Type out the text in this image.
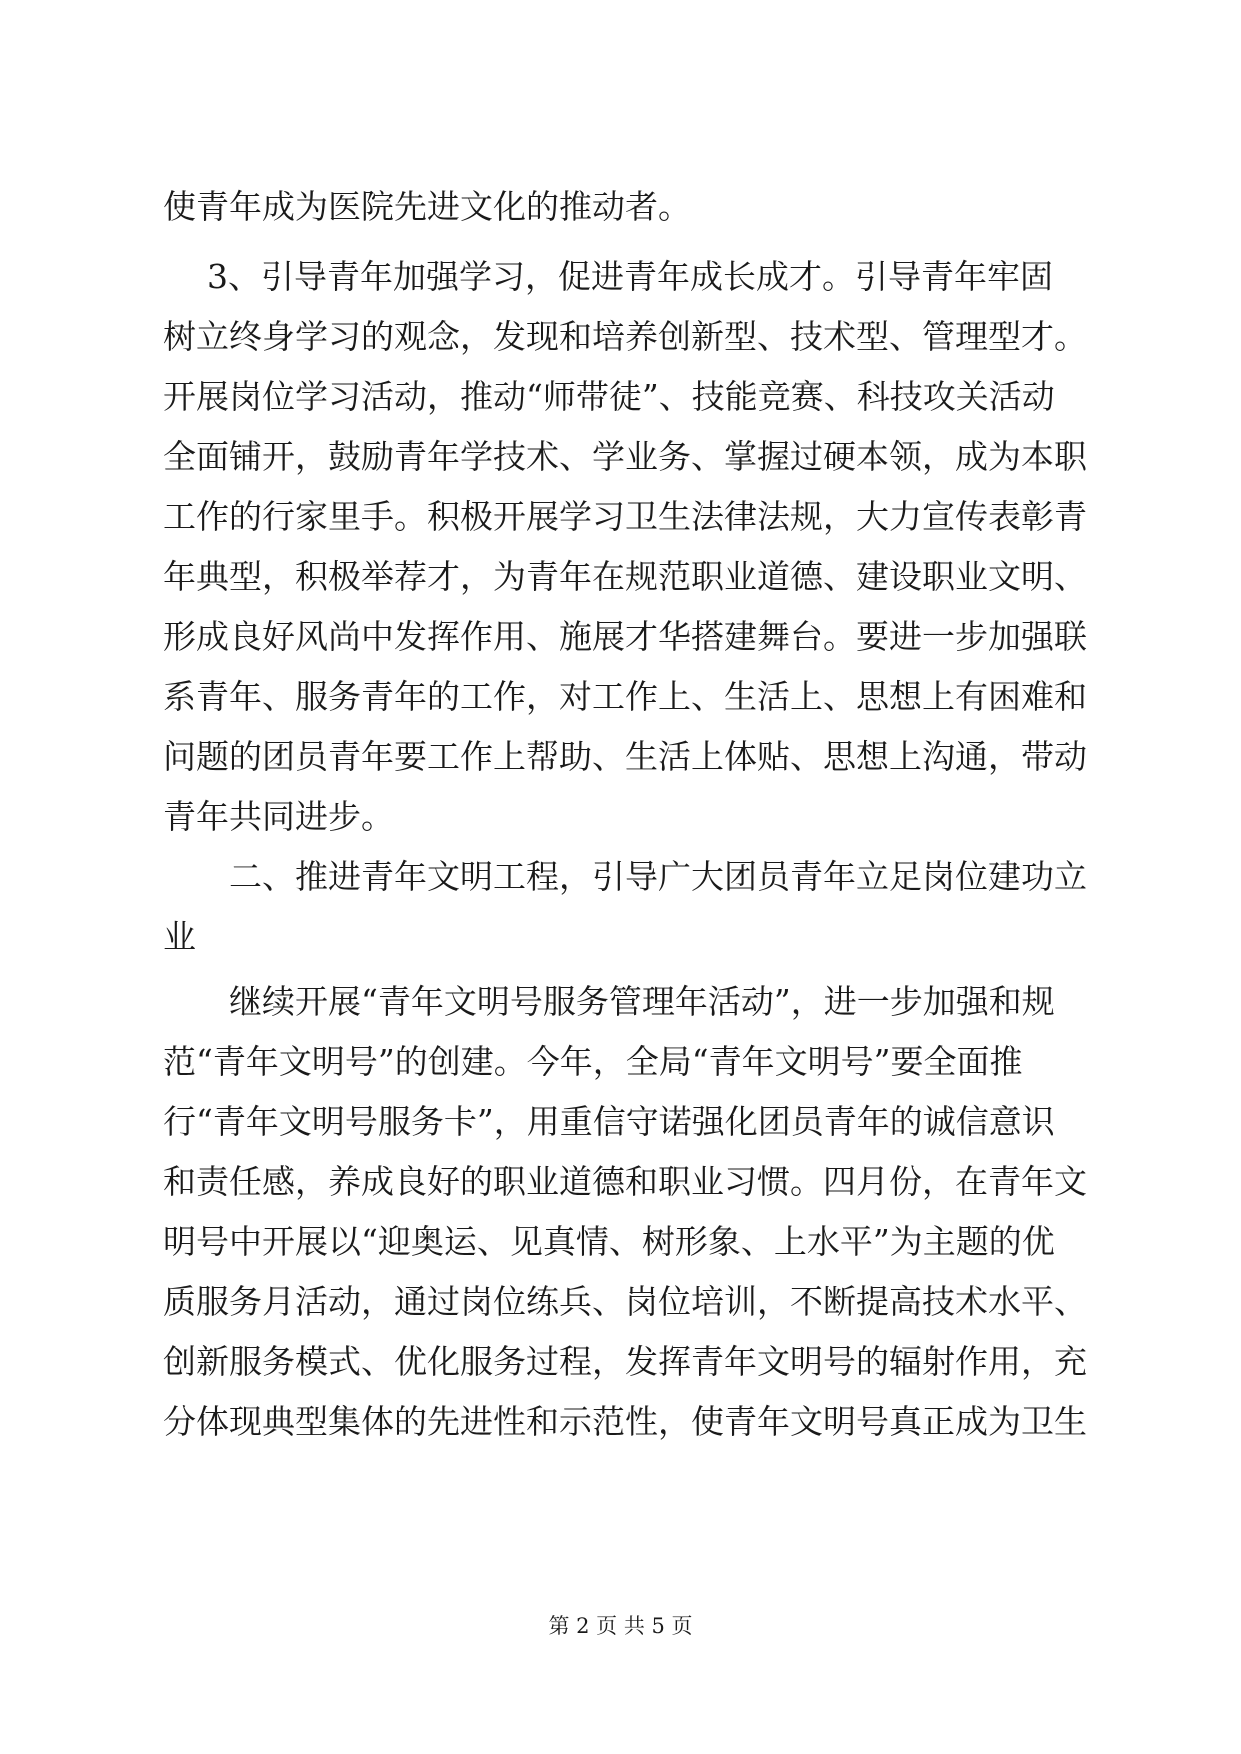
使青年成为医院先进文化的推动者。
3、引导青年加强学习，促进青年成长成才。引导青年牢固
树立终身学习的观念，发现和培养创新型、技术型、管理型才。
开展岗位学习活动，推动“师带徒”、技能竞赛、科技攻关活动
全面铺开，鼓励青年学技术、学业务、掌握过硬本领，成为本职
工作的行家里手。积极开展学习卫生法律法规，大力宣传表彰青
年典型，积极举荐才，为青年在规范职业道德、建设职业文明、
形成良好风尚中发挥作用、施展才华搭建舞台。要进一步加强联
系青年、服务青年的工作，对工作上、生活上、思想上有困难和
问题的团员青年要工作上帮助、生活上体贴、思想上沟通，带动
青年共同进步。
二、推进青年文明工程，引导广大团员青年立足岗位建功立
业
继续开展“青年文明号服务管理年活动”，进一步加强和规
范“青年文明号”的创建。今年，全局“青年文明号”要全面推
行“青年文明号服务卡”，用重信守诺强化团员青年的诚信意识
和责任感，养成良好的职业道德和职业习惯。四月份，在青年文
明号中开展以“迎奥运、见真情、树形象、上水平”为主题的优
质服务月活动，通过岗位练兵、岗位培训，不断提高技术水平、
创新服务模式、优化服务过程，发挥青年文明号的辐射作用，充
分体现典型集体的先进性和示范性，使青年文明号真正成为卫生
第 2 页 共 5 页
